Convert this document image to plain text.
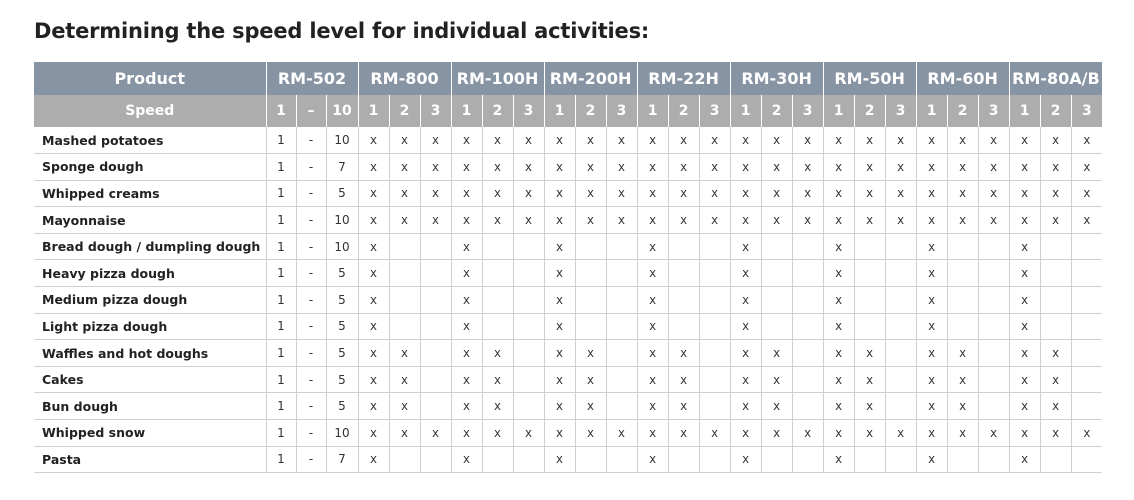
Determining the speed level for individual activities:
Product	RM-502			RM-800			RM-100H			RM-200H			RM-22H			RM-30H			RM-50H			RM-60H			RM-80A/B		
Speed	1	–	10	1	2	3	1	2	3	1	2	3	1	2	3	1	2	3	1	2	3	1	2	3	1	2	3
Mashed potatoes	1	-	10	x	x	x	x	x	x	x	x	x	x	x	x	x	x	x	x	x	x	x	x	x	x	x	x
Sponge dough	1	-	7	x	x	x	x	x	x	x	x	x	x	x	x	x	x	x	x	x	x	x	x	x	x	x	x
Whipped creams	1	-	5	x	x	x	x	x	x	x	x	x	x	x	x	x	x	x	x	x	x	x	x	x	x	x	x
Mayonnaise	1	-	10	x	x	x	x	x	x	x	x	x	x	x	x	x	x	x	x	x	x	x	x	x	x	x	x
Bread dough / dumpling dough	1	-	10	x			x			x			x			x			x			x			x		
Heavy pizza dough	1	-	5	x			x			x			x			x			x			x			x		
Medium pizza dough	1	-	5	x			x			x			x			x			x			x			x		
Light pizza dough	1	-	5	x			x			x			x			x			x			x			x		
Waffles and hot doughs	1	-	5	x	x		x	x		x	x		x	x		x	x		x	x		x	x		x	x	
Cakes	1	-	5	x	x		x	x		x	x		x	x		x	x		x	x		x	x		x	x	
Bun dough	1	-	5	x	x		x	x		x	x		x	x		x	x		x	x		x	x		x	x	
Whipped snow	1	-	10	x	x	x	x	x	x	x	x	x	x	x	x	x	x	x	x	x	x	x	x	x	x	x	x
Pasta	1	-	7	x			x			x			x			x			x			x			x		
